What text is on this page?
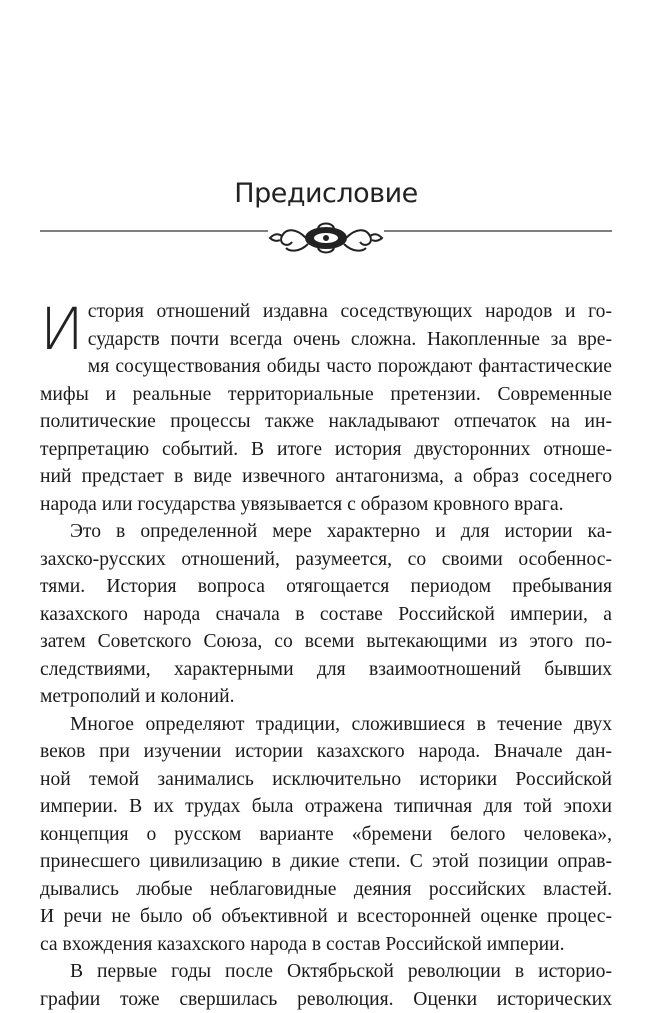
Предисловие

И стория отношений издавна соседствующих народов и го-
сударств почти всегда очень сложна. Накопленные за вре-
мя сосуществования обиды часто порождают фантастические
мифы и реальные территориальные претензии. Современные
политические процессы также накладывают отпечаток на ин-
терпретацию событий. В итоге история двусторонних отноше-
ний предстает в виде извечного антагонизма, а образ соседнего
народа или государства увязывается с образом кровного врага.

Это в определенной мере характерно и для истории ка-
захско-русских отношений, разумеется, со своими особеннос-
тями. История вопроса отягощается периодом пребывания
казахского народа сначала в составе Российской империи, а
затем Советского Союза, со всеми вытекающими из этого по-
следствиями, характерными для взаимоотношений бывших
метрополий и колоний.

Многое определяют традиции, сложившиеся в течение двух
веков при изучении истории казахского народа. Вначале дан-
ной темой занимались исключительно историки Российской
империи. В их трудах была отражена типичная для той эпохи
концепция о русском варианте «бремени белого человека»,
принесшего цивилизацию в дикие степи. С этой позиции оправ-
дывались любые неблаговидные деяния российских властей.
И речи не было об объективной и всесторонней оценке процес-
са вхождения казахского народа в состав Российской империи.

В первые годы после Октябрьской революции в историо-
графии тоже свершилась революция. Оценки исторических
